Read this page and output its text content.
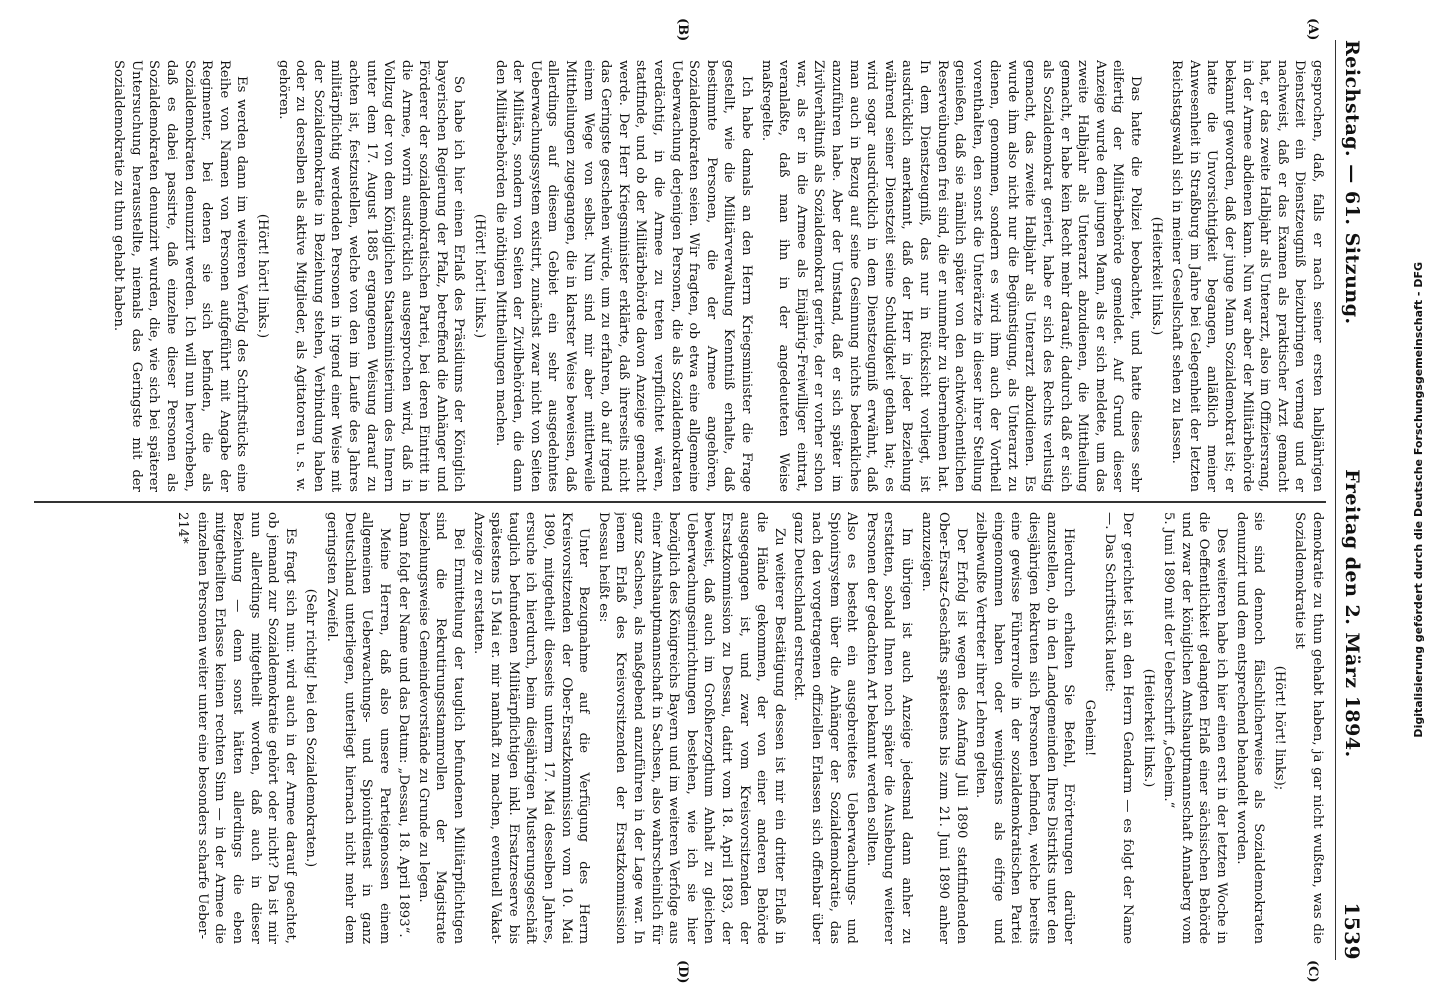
Reichstag. — 61. Sitzung.
Freitag den 2. März 1894.
1539
(A)
(B)
(C)
(D)

gesprochen, daß, falls er nach seiner ersten halbjährigen Dienstzeit ein Dienstzeugniß beizubringen vermag und er nachweist, daß er das Examen als praktischer Arzt gemacht hat, er das zweite Halbjahr als Unterarzt, also im Offiziersrang, in der Armee abdienen kann. Nun war aber der Militärbehörde bekannt geworden, daß der junge Mann Sozialdemokrat ist; er hatte die Unvorsichtigkeit begangen, anläßlich meiner Anwesenheit in Straßburg im Jahre bei Gelegenheit der letzten Reichstagswahl sich in meiner Gesellschaft sehen zu lassen.

(Heiterkeit links.)

Das hatte die Polizei beobachtet, und hatte dieses sehr eilfertig der Militärbehörde gemeldet. Auf Grund dieser Anzeige wurde dem jungen Mann, als er sich meldete, um das zweite Halbjahr als Unterarzt abzudienen, die Mittheilung gemacht, er habe kein Recht mehr darauf; dadurch daß er sich als Sozialdemokrat geriert, habe er sich des Rechts verlustig gemacht, das zweite Halbjahr als Unterarzt abzudienen. Es wurde ihm also nicht nur die Begünstigung, als Unterarzt zu dienen, genommen, sondern es wird ihm auch der Vortheil vorenthalten, den sonst die Unterärzte in dieser ihrer Stellung genießen, daß sie nämlich später von den achtwöchentlichen Reserveübungen frei sind, die er nunmehr zu übernehmen hat. In dem Dienstzeugniß, das nur in Rücksicht vorliegt, ist ausdrücklich anerkannt, daß der Herr in jeder Beziehung während seiner Dienstzeit seine Schuldigkeit gethan hat; es wird sogar ausdrücklich in dem Dienstzeugniß erwähnt, daß man auch in Bezug auf seine Gesinnung nichts bedenkliches anzuführen habe. Aber der Umstand, daß er sich später im Zivilverhältniß als Sozialdemokrat gerirte, der er vorher schon war, als er in die Armee als Einjährig-Freiwilliger eintrat, veranlaßte, daß man ihn in der angedeuteten Weise maßregelte.

Ich habe damals an den Herrn Kriegsminister die Frage gestellt, wie die Militärverwaltung Kenntniß erhalte, daß bestimmte Personen, die der Armee angehören, Sozialdemokraten seien. Wir fragten, ob etwa eine allgemeine Ueberwachung derjenigen Personen, die als Sozialdemokraten verdächtig, in die Armee zu treten verpflichtet wären, stattfinde, und ob der Militärbehörde davon Anzeige gemacht werde. Der Herr Kriegsminister erklärte, daß ihrerseits nicht das Geringste geschehen würde, um zu erfahren, ob auf irgend einem Wege von selbst. Nun sind mir aber mittlerweile Mittheilungen zugegangen, die in klarster Weise beweisen, daß allerdings auf diesem Gebiet ein sehr ausgedehntes Ueberwachungssystem existirt, zunächst zwar nicht von Seiten der Militärs, sondern von Seiten der Zivilbehörden, die dann den Militärbehörden die nöthigen Mittheilungen machen.

(Hört! hört! links.)

So habe ich hier einen Erlaß des Präsidiums der Königlich bayerischen Regierung der Pfalz, betreffend die Anhänger und Förderer der sozialdemokratischen Partei, bei deren Eintritt in die Armee, worin ausdrücklich ausgesprochen wird, daß in Vollzug der von dem Königlichen Staatsministerium des Innern unter dem 17. August 1885 ergangenen Weisung darauf zu achten ist, festzustellen, welche von den im Laufe des Jahres militärpflichtig werdenden Personen in irgend einer Weise mit der Sozialdemokratie in Beziehung stehen, Verbindung haben oder zu derselben als aktive Mitglieder, als Agitatoren u. s. w. gehören.

(Hört! hört! links.)

Es werden dann im weiteren Verfolg des Schriftstücks eine Reihe von Namen von Personen aufgeführt mit Angabe der Regimenter, bei denen sie sich befinden, die als Sozialdemokraten denunzirt werden. Ich will nun hervorheben, daß es dabei passirte, daß einzelne dieser Personen als Sozialdemokraten denunzirt wurden, die, wie sich bei späterer Untersuchung herausstellte, niemals das Geringste mit der Sozialdemokratie zu thun gehabt haben.

demokratie zu thun gehabt haben, ja gar nicht wußten, was die Sozialdemokratie ist

(Hört! hört! links);

sie sind dennoch fälschlicherweise als Sozialdemokraten denunzirt und dem entsprechend behandelt worden.

Des weiteren habe ich hier einen erst in der letzten Woche in die Oeffentlichkeit gelangten Erlaß einer sächsischen Behörde und zwar der königlichen Amtshauptmannschaft Annaberg vom 5. Juni 1890 mit der Ueberschrift „Geheim.“

(Heiterkeit links.)

Der gerichtet ist an den Herrn Gendarm — es folgt der Name —. Das Schriftstück lautet:

Geheim!

Hierdurch erhalten Sie Befehl, Erörterungen darüber anzustellen, ob in den Landgemeinden Ihres Distrikts unter den diesjährigen Rekruten sich Personen befinden, welche bereits eine gewisse Führerrolle in der sozialdemokratischen Partei eingenommen haben oder wenigstens als eifrige und zielbewußte Vertreter ihrer Lehren gelten.

Der Erfolg ist wegen des Anfang Juli 1890 stattfindenden Ober-Ersatz-Geschäfts spätestens bis zum 21. Juni 1890 anher anzuzeigen.

Im übrigen ist auch Anzeige jedesmal dann anher zu erstatten, sobald Ihnen noch später die Aushebung weiterer Personen der gedachten Art bekannt werden sollten.

Also es besteht ein ausgebreitetes Ueberwachungs- und Spionirsystem über die Anhänger der Sozialdemokratie, das nach den vorgetragenen offiziellen Erlassen sich offenbar über ganz Deutschland erstreckt.

Zu weiterer Bestätigung dessen ist mir ein dritter Erlaß in die Hände gekommen, der von einer anderen Behörde ausgegangen ist, und zwar vom Kreisvorsitzenden der Ersatzkommission zu Dessau, datirt vom 18. April 1893, der beweist, daß auch im Großherzogthum Anhalt zu gleichen Ueberwachungseinrichtungen bestehen, wie ich sie hier bezüglich des Königreichs Bayern und im weiteren Verfolge aus einer Amtshauptmannschaft in Sachsen, also wahrscheinlich für ganz Sachsen, als maßgebend anzuführen in der Lage war. In jenem Erlaß des Kreisvorsitzenden der Ersatzkommission Dessau heißt es:

Unter Bezugnahme auf die Verfügung des Herrn Kreisvorsitzenden der Ober-Ersatzkommission vom 10. Mai 1890, mitgetheilt diesseits unterm 17. Mai desselben Jahres, ersuche ich hierdurch, beim diesjährigen Musterungsgeschäft tauglich befundenen Militärpflichtigen inkl. Ersatzreserve bis spätestens 15 Mai er. mir namhaft zu machen, eventuell Vakat-Anzeige zu erstatten.

Bei Ermittelung der tauglich befundenen Militärpflichtigen sind die Rekrutirungsstammrollen der Magistrate beziehungsweise Gemeindevorstände zu Grunde zu legen.

Dann folgt der Name und das Datum: „Dessau, 18. April 1893“.

Meine Herren, daß also unsere Parteigenossen einem allgemeinen Ueberwachungs- und Spionirdienst in ganz Deutschland unterliegen, unterliegt hiernach nicht mehr dem geringsten Zweifel.

(Sehr richtig! bei den Sozialdemokraten.)

Es fragt sich nun: wird auch in der Armee darauf geachtet, ob jemand zur Sozialdemokratie gehört oder nicht? Da ist mir nun allerdings mitgetheilt worden, daß auch in dieser Beziehung — denn sonst hätten allerdings die eben mitgetheilten Erlasse keinen rechten Sinn — in der Armee die einzelnen Personen weiter unter eine besonders scharfe Ueber-

214*	Digitalisierung gefördert durch die Deutsche Forschungsgemeinschaft - DFG
